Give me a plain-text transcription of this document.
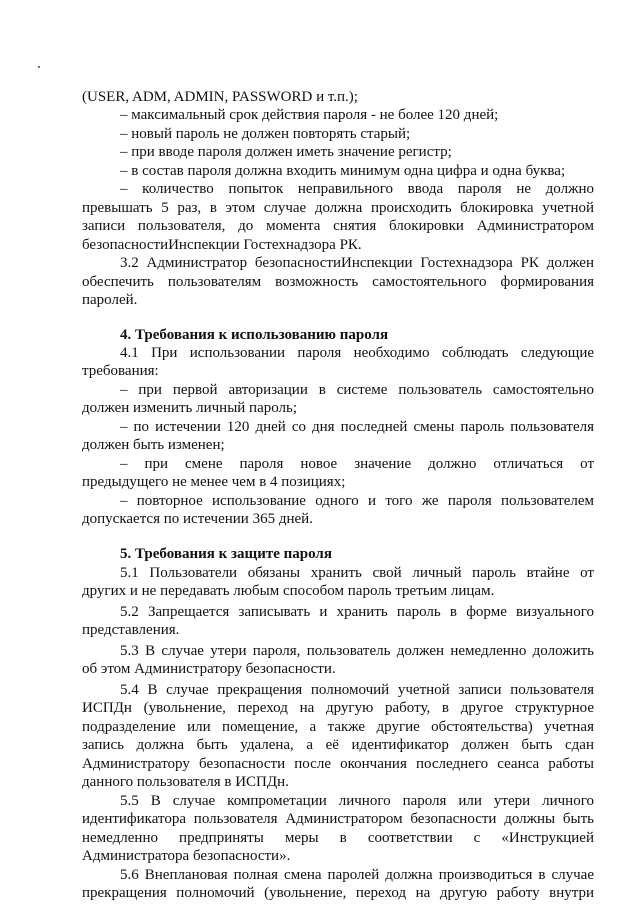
(USER, ADM, ADMIN, PASSWORD и т.п.);
– максимальный срок действия пароля - не более 120 дней;
– новый пароль не должен повторять старый;
– при вводе пароля должен иметь значение регистр;
– в состав пароля должна входить минимум одна цифра и одна буква;
– количество попыток неправильного ввода пароля не должно
превышать 5 раз, в этом случае должна происходить блокировка учетной
записи пользователя, до момента снятия блокировки Администратором
безопасностиИнспекции Гостехнадзора РК.
3.2 Администратор безопасностиИнспекции Гостехнадзора РК должен
обеспечить пользователям возможность самостоятельного формирования
паролей.
4. Требования к использованию пароля
4.1 При использовании пароля необходимо соблюдать следующие
требования:
– при первой авторизации в системе пользователь самостоятельно
должен изменить личный пароль;
– по истечении 120 дней со дня последней смены пароль пользователя
должен быть изменен;
– при смене пароля новое значение должно отличаться от
предыдущего не менее чем в 4 позициях;
– повторное использование одного и того же пароля пользователем
допускается по истечении 365 дней.
5. Требования к защите пароля
5.1 Пользователи обязаны хранить свой личный пароль втайне от
других и не передавать любым способом пароль третьим лицам.
5.2 Запрещается записывать и хранить пароль в форме визуального
представления.
5.3 В случае утери пароля, пользователь должен немедленно доложить
об этом Администратору безопасности.
5.4 В случае прекращения полномочий учетной записи пользователя
ИСПДн (увольнение, переход на другую работу, в другое структурное
подразделение или помещение, а также другие обстоятельства) учетная
запись должна быть удалена, а её идентификатор должен быть сдан
Администратору безопасности после окончания последнего сеанса работы
данного пользователя в ИСПДн.
5.5 В случае компрометации личного пароля или утери личного
идентификатора пользователя Администратором безопасности должны быть
немедленно предприняты меры в соответствии с «Инструкцией
Администратора безопасности».
5.6 Внеплановая полная смена паролей должна производиться в случае
прекращения полномочий (увольнение, переход на другую работу внутри
